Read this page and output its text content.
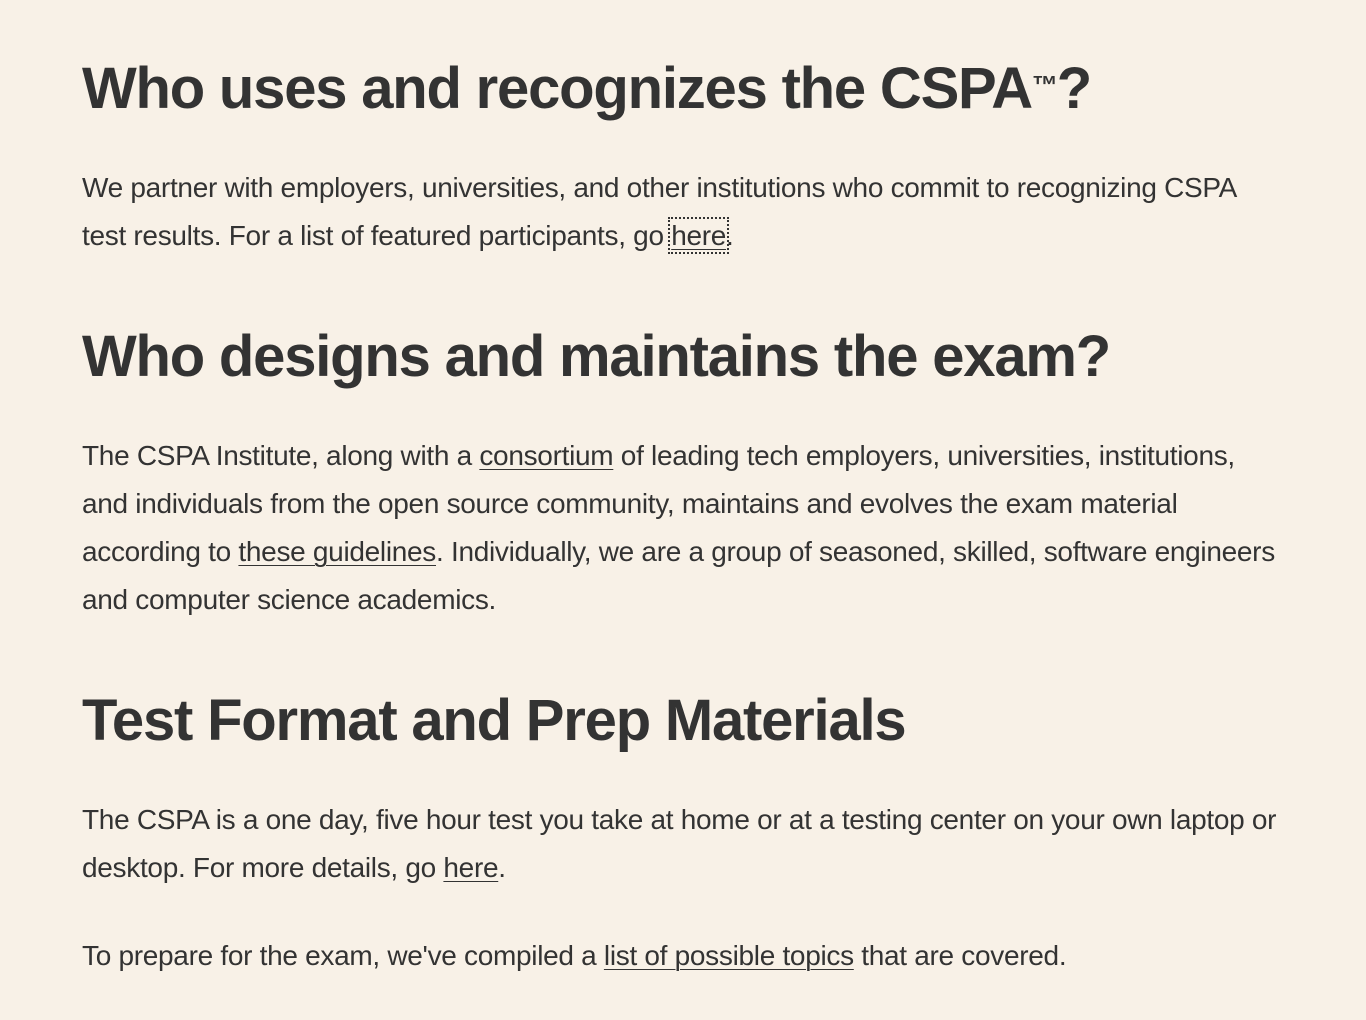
Who uses and recognizes the CSPA™?

We partner with employers, universities, and other institutions who commit to recognizing CSPA test results. For a list of featured participants, go here.

Who designs and maintains the exam?

The CSPA Institute, along with a consortium of leading tech employers, universities, institutions, and individuals from the open source community, maintains and evolves the exam material according to these guidelines. Individually, we are a group of seasoned, skilled, software engineers and computer science academics.

Test Format and Prep Materials

The CSPA is a one day, five hour test you take at home or at a testing center on your own laptop or desktop. For more details, go here.

To prepare for the exam, we've compiled a list of possible topics that are covered.
